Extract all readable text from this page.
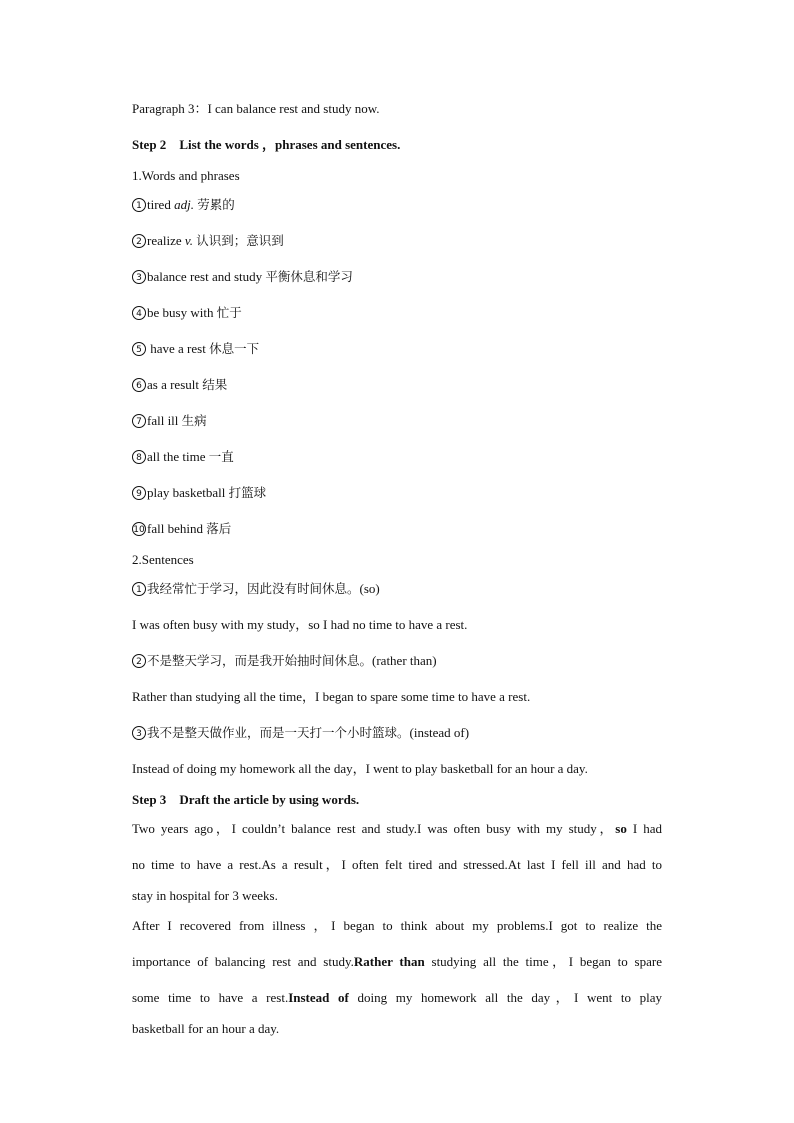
Paragraph 3：I can balance rest and study now.
Step 2 List the words ，phrases and sentences.
1.Words and phrases
1 tired adj. 劳累的
2 realize v. 认识到；意识到
3 balance rest and study 平衡休息和学习
4 be busy with 忙于
5 have a rest 休息一下
6 as a result 结果
7 fall ill 生病
8 all the time 一直
9 play basketball 打篮球
10 fall behind 落后
2.Sentences
1 我经常忙于学习，因此没有时间休息。(so)
I was often busy with my study，so I had no time to have a rest.
2 不是整天学习，而是我开始抽时间休息。(rather than)
Rather than studying all the time，I began to spare some time to have a rest.
3 我不是整天做作业，而是一天打一个小时篮球。(instead of)
Instead of doing my homework all the day，I went to play basketball for an hour a day.
Step 3 Draft the article by using words.
Two years ago，I couldn’t balance rest and study.I was often busy with my study，so I had
no time to have a rest.As a result，I often felt tired and stressed.At last I fell ill and had to
stay in hospital for 3 weeks.
After I recovered from illness ，I began to think about my problems.I got to realize the
importance of balancing rest and study.Rather than studying all the time，I began to spare
some time to have a rest.Instead of doing my homework all the day，I went to play
basketball for an hour a day.
